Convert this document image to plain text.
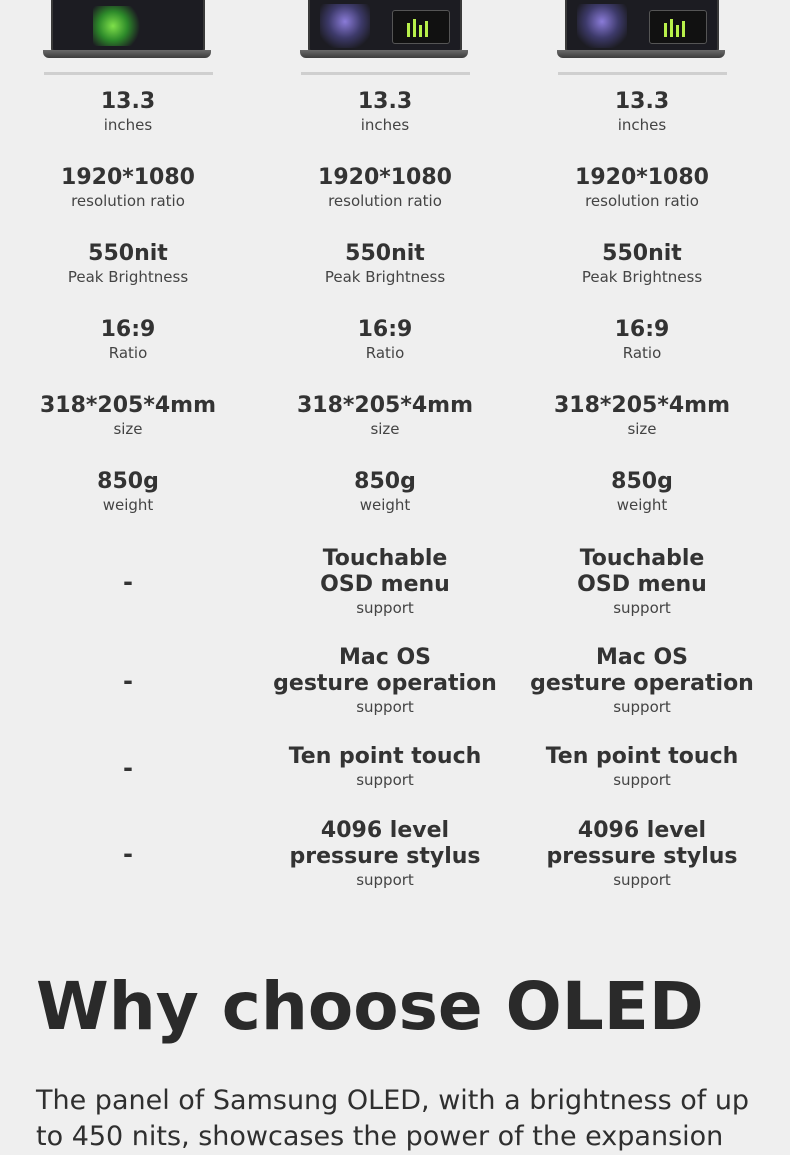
13.3
inches
1920*1080
resolution ratio
550nit
Peak Brightness
16:9
Ratio
318*205*4mm
size
850g
weight
-
-
-
-
13.3
inches
1920*1080
resolution ratio
550nit
Peak Brightness
16:9
Ratio
318*205*4mm
size
850g
weight
Touchable
OSD menu
support
Mac OS
gesture operation
support
Ten point touch
support
4096 level
pressure stylus
support
13.3
inches
1920*1080
resolution ratio
550nit
Peak Brightness
16:9
Ratio
318*205*4mm
size
850g
weight
Touchable
OSD menu
support
Mac OS
gesture operation
support
Ten point touch
support
4096 level
pressure stylus
support
Why choose OLED
The panel of Samsung OLED, with a brightness of up to 450 nits, showcases the power of the expansion
